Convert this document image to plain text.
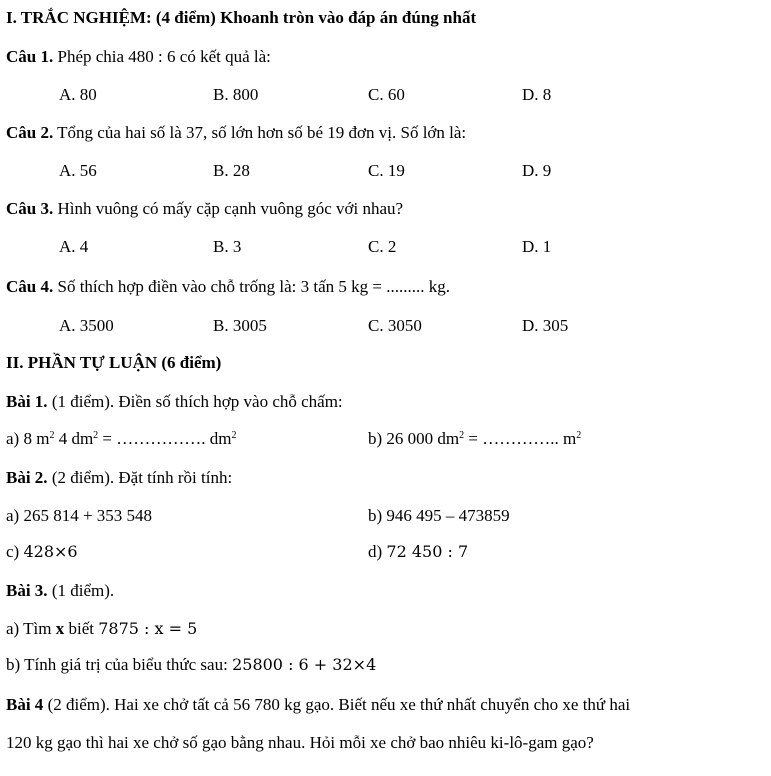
I. TRẮC NGHIỆM: (4 điểm) Khoanh tròn vào đáp án đúng nhất
Câu 1. Phép chia 480 : 6 có kết quả là:
A. 80	B. 800	C. 60	D. 8
Câu 2. Tổng của hai số là 37, số lớn hơn số bé 19 đơn vị. Số lớn là:
A. 56	B. 28	C. 19	D. 9
Câu 3. Hình vuông có mấy cặp cạnh vuông góc với nhau?
A. 4	B. 3	C. 2	D. 1
Câu 4. Số thích hợp điền vào chỗ trống là: 3 tấn 5 kg = ......... kg.
A. 3500	B. 3005	C. 3050	D. 305
II. PHẦN TỰ LUẬN (6 điểm)
Bài 1. (1 điểm). Điền số thích hợp vào chỗ chấm:
a) 8 $m^2$ 4 $dm^2$ = ……………. $dm^2$	b) 26 000 $dm^2$ = ………….. $m^2$
Bài 2. (2 điểm). Đặt tính rồi tính:
a) 265 814 + 353 548	b) 946 495 – 473859
c) 428×6	d) 72 450 : 7
Bài 3. (1 điểm).
a) Tìm x biết 7875 : x = 5
b) Tính giá trị của biểu thức sau: 25800 : 6 + 32×4
Bài 4 (2 điểm). Hai xe chở tất cả 56 780 kg gạo. Biết nếu xe thứ nhất chuyển cho xe thứ hai
120 kg gạo thì hai xe chở số gạo bằng nhau. Hỏi mỗi xe chở bao nhiêu ki-lô-gam gạo?
